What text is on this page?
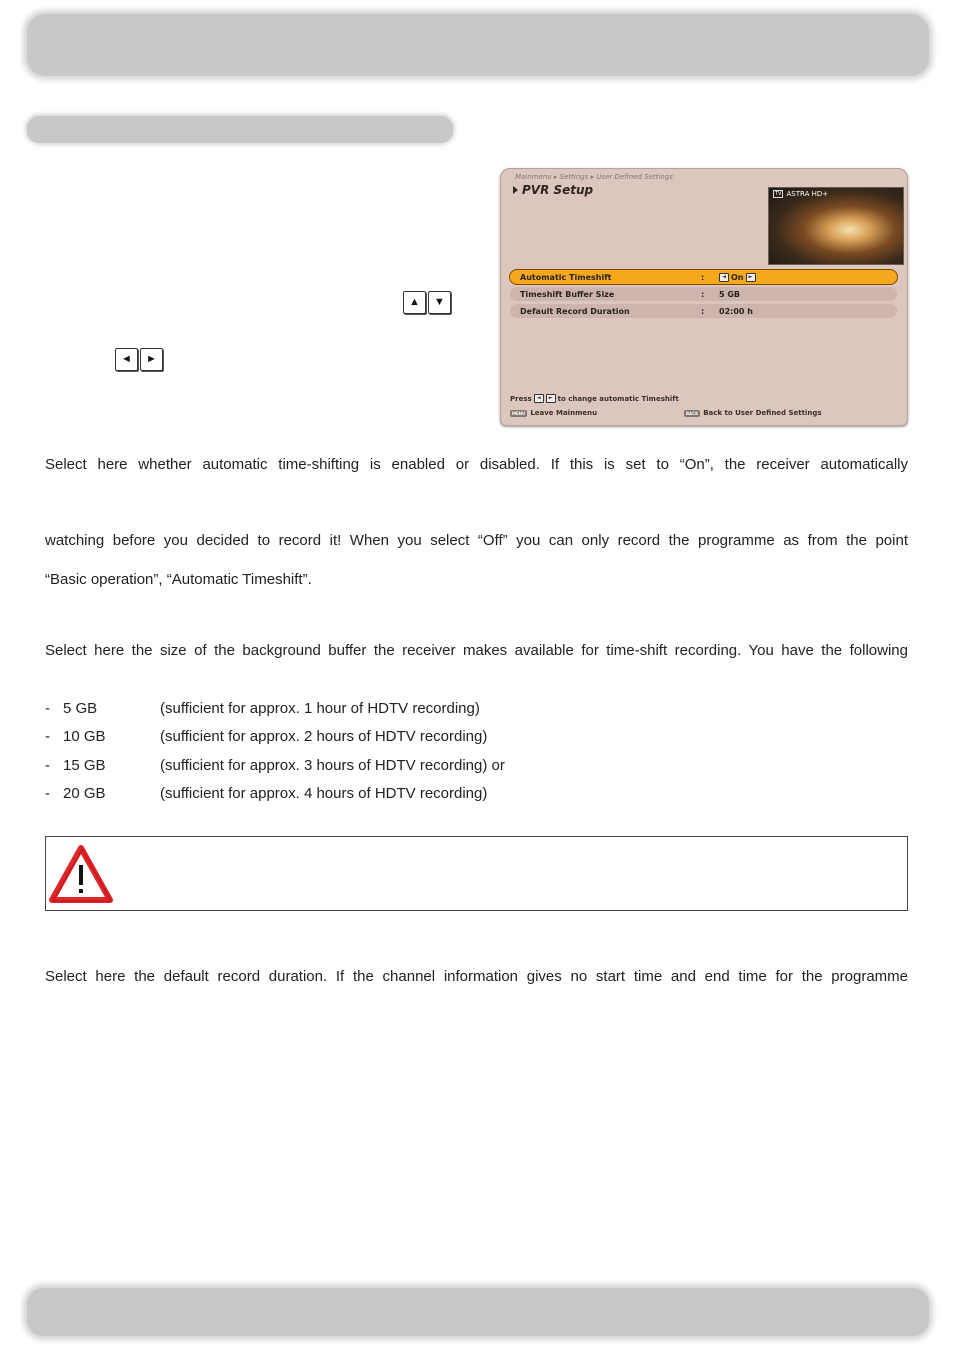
▲	▼
◄	►
Mainmenu ▸ Settings ▸ User Defined Settings
PVR Setup	TV ASTRA HD+
Automatic Timeshift	:	◄ On	►
Timeshift Buffer Size	: 5 GB
Default Record Duration	: 02:00 h
Press	◄	► to change automatic Timeshift
MENU Leave Mainmenu	BACK Back to User Defined Settings
Select here whether automatic time-shifting is enabled or disabled. If this is set to “On”, the receiver automatically
watching before you decided to record it! When you select “Off” you can only record the programme as from the point
“Basic operation”, “Automatic Timeshift”.
Select here the size of the background buffer the receiver makes available for time-shift recording. You have the following
- 5 GB	(sufficient for approx. 1 hour of HDTV recording)
- 10 GB	(sufficient for approx. 2 hours of HDTV recording)
- 15 GB	(sufficient for approx. 3 hours of HDTV recording) or
- 20 GB	(sufficient for approx. 4 hours of HDTV recording)
Select here the default record duration. If the channel information gives no start time and end time for the programme
